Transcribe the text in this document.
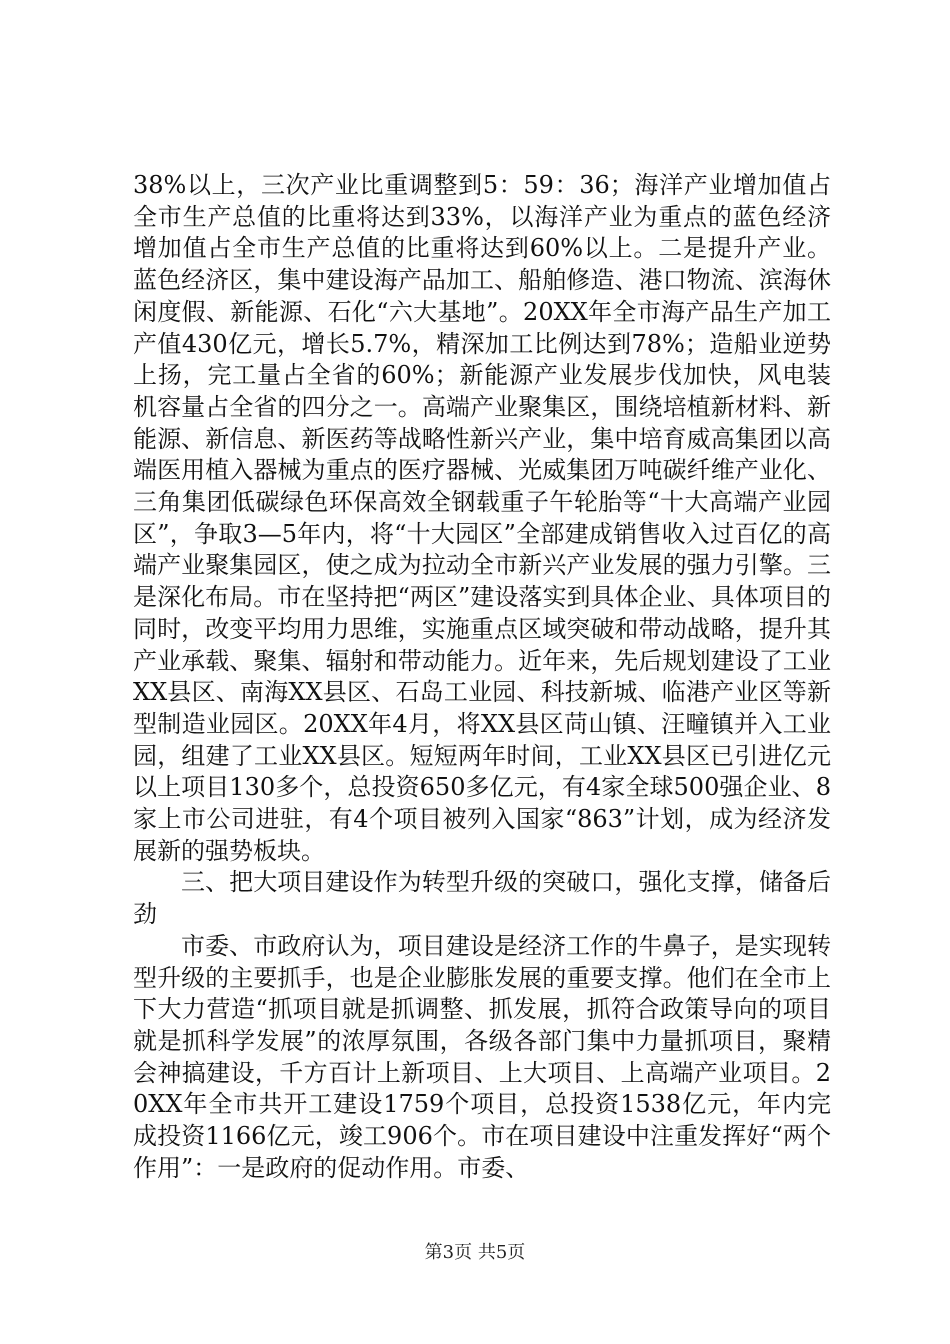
38%以上，三次产业比重调整到5：59：36；海洋产业增加值占全市生产总值的比重将达到33%，以海洋产业为重点的蓝色经济增加值占全市生产总值的比重将达到60%以上。二是提升产业。蓝色经济区，集中建设海产品加工、船舶修造、港口物流、滨海休闲度假、新能源、石化“六大基地”。20XX年全市海产品生产加工产值430亿元，增长5.7%，精深加工比例达到78%；造船业逆势上扬，完工量占全省的60%；新能源产业发展步伐加快，风电装机容量占全省的四分之一。高端产业聚集区，围绕培植新材料、新能源、新信息、新医药等战略性新兴产业，集中培育威高集团以高端医用植入器械为重点的医疗器械、光威集团万吨碳纤维产业化、三角集团低碳绿色环保高效全钢载重子午轮胎等“十大高端产业园区”，争取3—5年内，将“十大园区”全部建成销售收入过百亿的高端产业聚集园区，使之成为拉动全市新兴产业发展的强力引擎。三是深化布局。市在坚持把“两区”建设落实到具体企业、具体项目的同时，改变平均用力思维，实施重点区域突破和带动战略，提升其产业承载、聚集、辐射和带动能力。近年来，先后规划建设了工业XX县区、南海XX县区、石岛工业园、科技新城、临港产业区等新型制造业园区。20XX年4月，将XX县区苘山镇、汪疃镇并入工业园，组建了工业XX县区。短短两年时间，工业XX县区已引进亿元以上项目130多个，总投资650多亿元，有4家全球500强企业、8家上市公司进驻，有4个项目被列入国家“863”计划，成为经济发展新的强势板块。

三、把大项目建设作为转型升级的突破口，强化支撑，储备后劲

市委、市政府认为，项目建设是经济工作的牛鼻子，是实现转型升级的主要抓手，也是企业膨胀发展的重要支撑。他们在全市上下大力营造“抓项目就是抓调整、抓发展，抓符合政策导向的项目就是抓科学发展”的浓厚氛围，各级各部门集中力量抓项目，聚精会神搞建设，千方百计上新项目、上大项目、上高端产业项目。20XX年全市共开工建设1759个项目，总投资1538亿元，年内完成投资1166亿元，竣工906个。市在项目建设中注重发挥好“两个作用”：一是政府的促动作用。市委、

第3页 共5页
